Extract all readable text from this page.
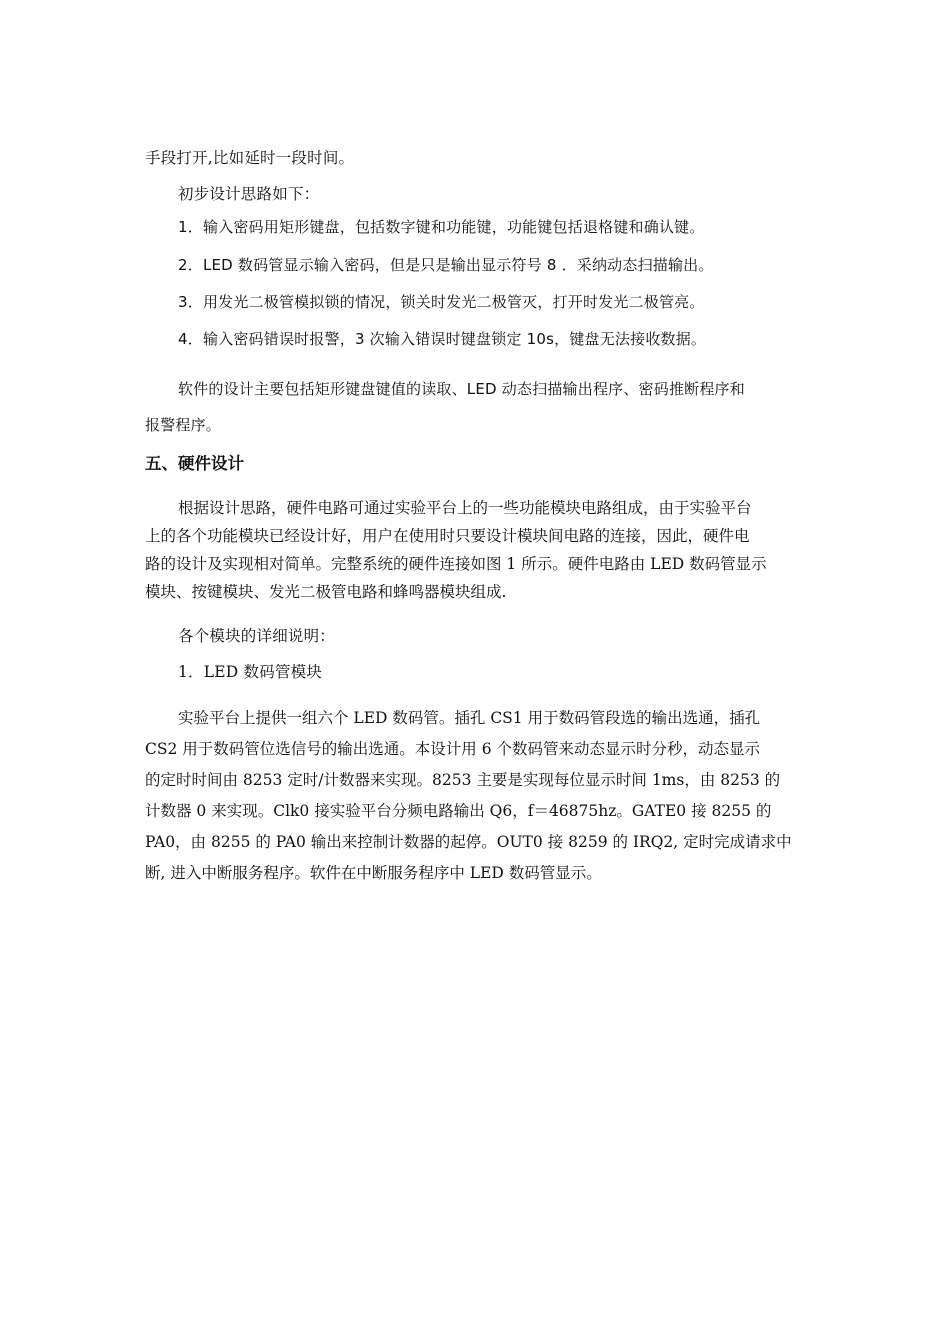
手段打开,比如延时一段时间。
初步设计思路如下：
1．输入密码用矩形键盘，包括数字键和功能键，功能键包括退格键和确认键。
2．LED 数码管显示输入密码，但是只是输出显示符号 8 ．采纳动态扫描输出。
3．用发光二极管模拟锁的情况，锁关时发光二极管灭，打开时发光二极管亮。
4．输入密码错误时报警，3 次输入错误时键盘锁定 10s，键盘无法接收数据。
软件的设计主要包括矩形键盘键值的读取、LED 动态扫描输出程序、密码推断程序和
报警程序。
五、硬件设计

根据设计思路，硬件电路可通过实验平台上的一些功能模块电路组成，由于实验平台

上的各个功能模块已经设计好，用户在使用时只要设计模块间电路的连接，因此，硬件电

路的设计及实现相对简单。完整系统的硬件连接如图 1 所示。硬件电路由 LED 数码管显示

模块、按键模块、发光二极管电路和蜂鸣器模块组成.

各个模块的详细说明：
1．LED 数码管模块

实验平台上提供一组六个 LED 数码管。插孔 CS1 用于数码管段选的输出选通，插孔

CS2 用于数码管位选信号的输出选通。本设计用 6 个数码管来动态显示时分秒，动态显示

的定时时间由 8253 定时/计数器来实现。8253 主要是实现每位显示时间 1ms，由 8253 的

计数器 0 来实现。Clk0 接实验平台分频电路输出 Q6，f＝46875hz。GATE0 接 8255 的

PA0，由 8255 的 PA0 输出来控制计数器的起停。OUT0 接 8259 的 IRQ2, 定时完成请求中

断, 进入中断服务程序。软件在中断服务程序中 LED 数码管显示。
